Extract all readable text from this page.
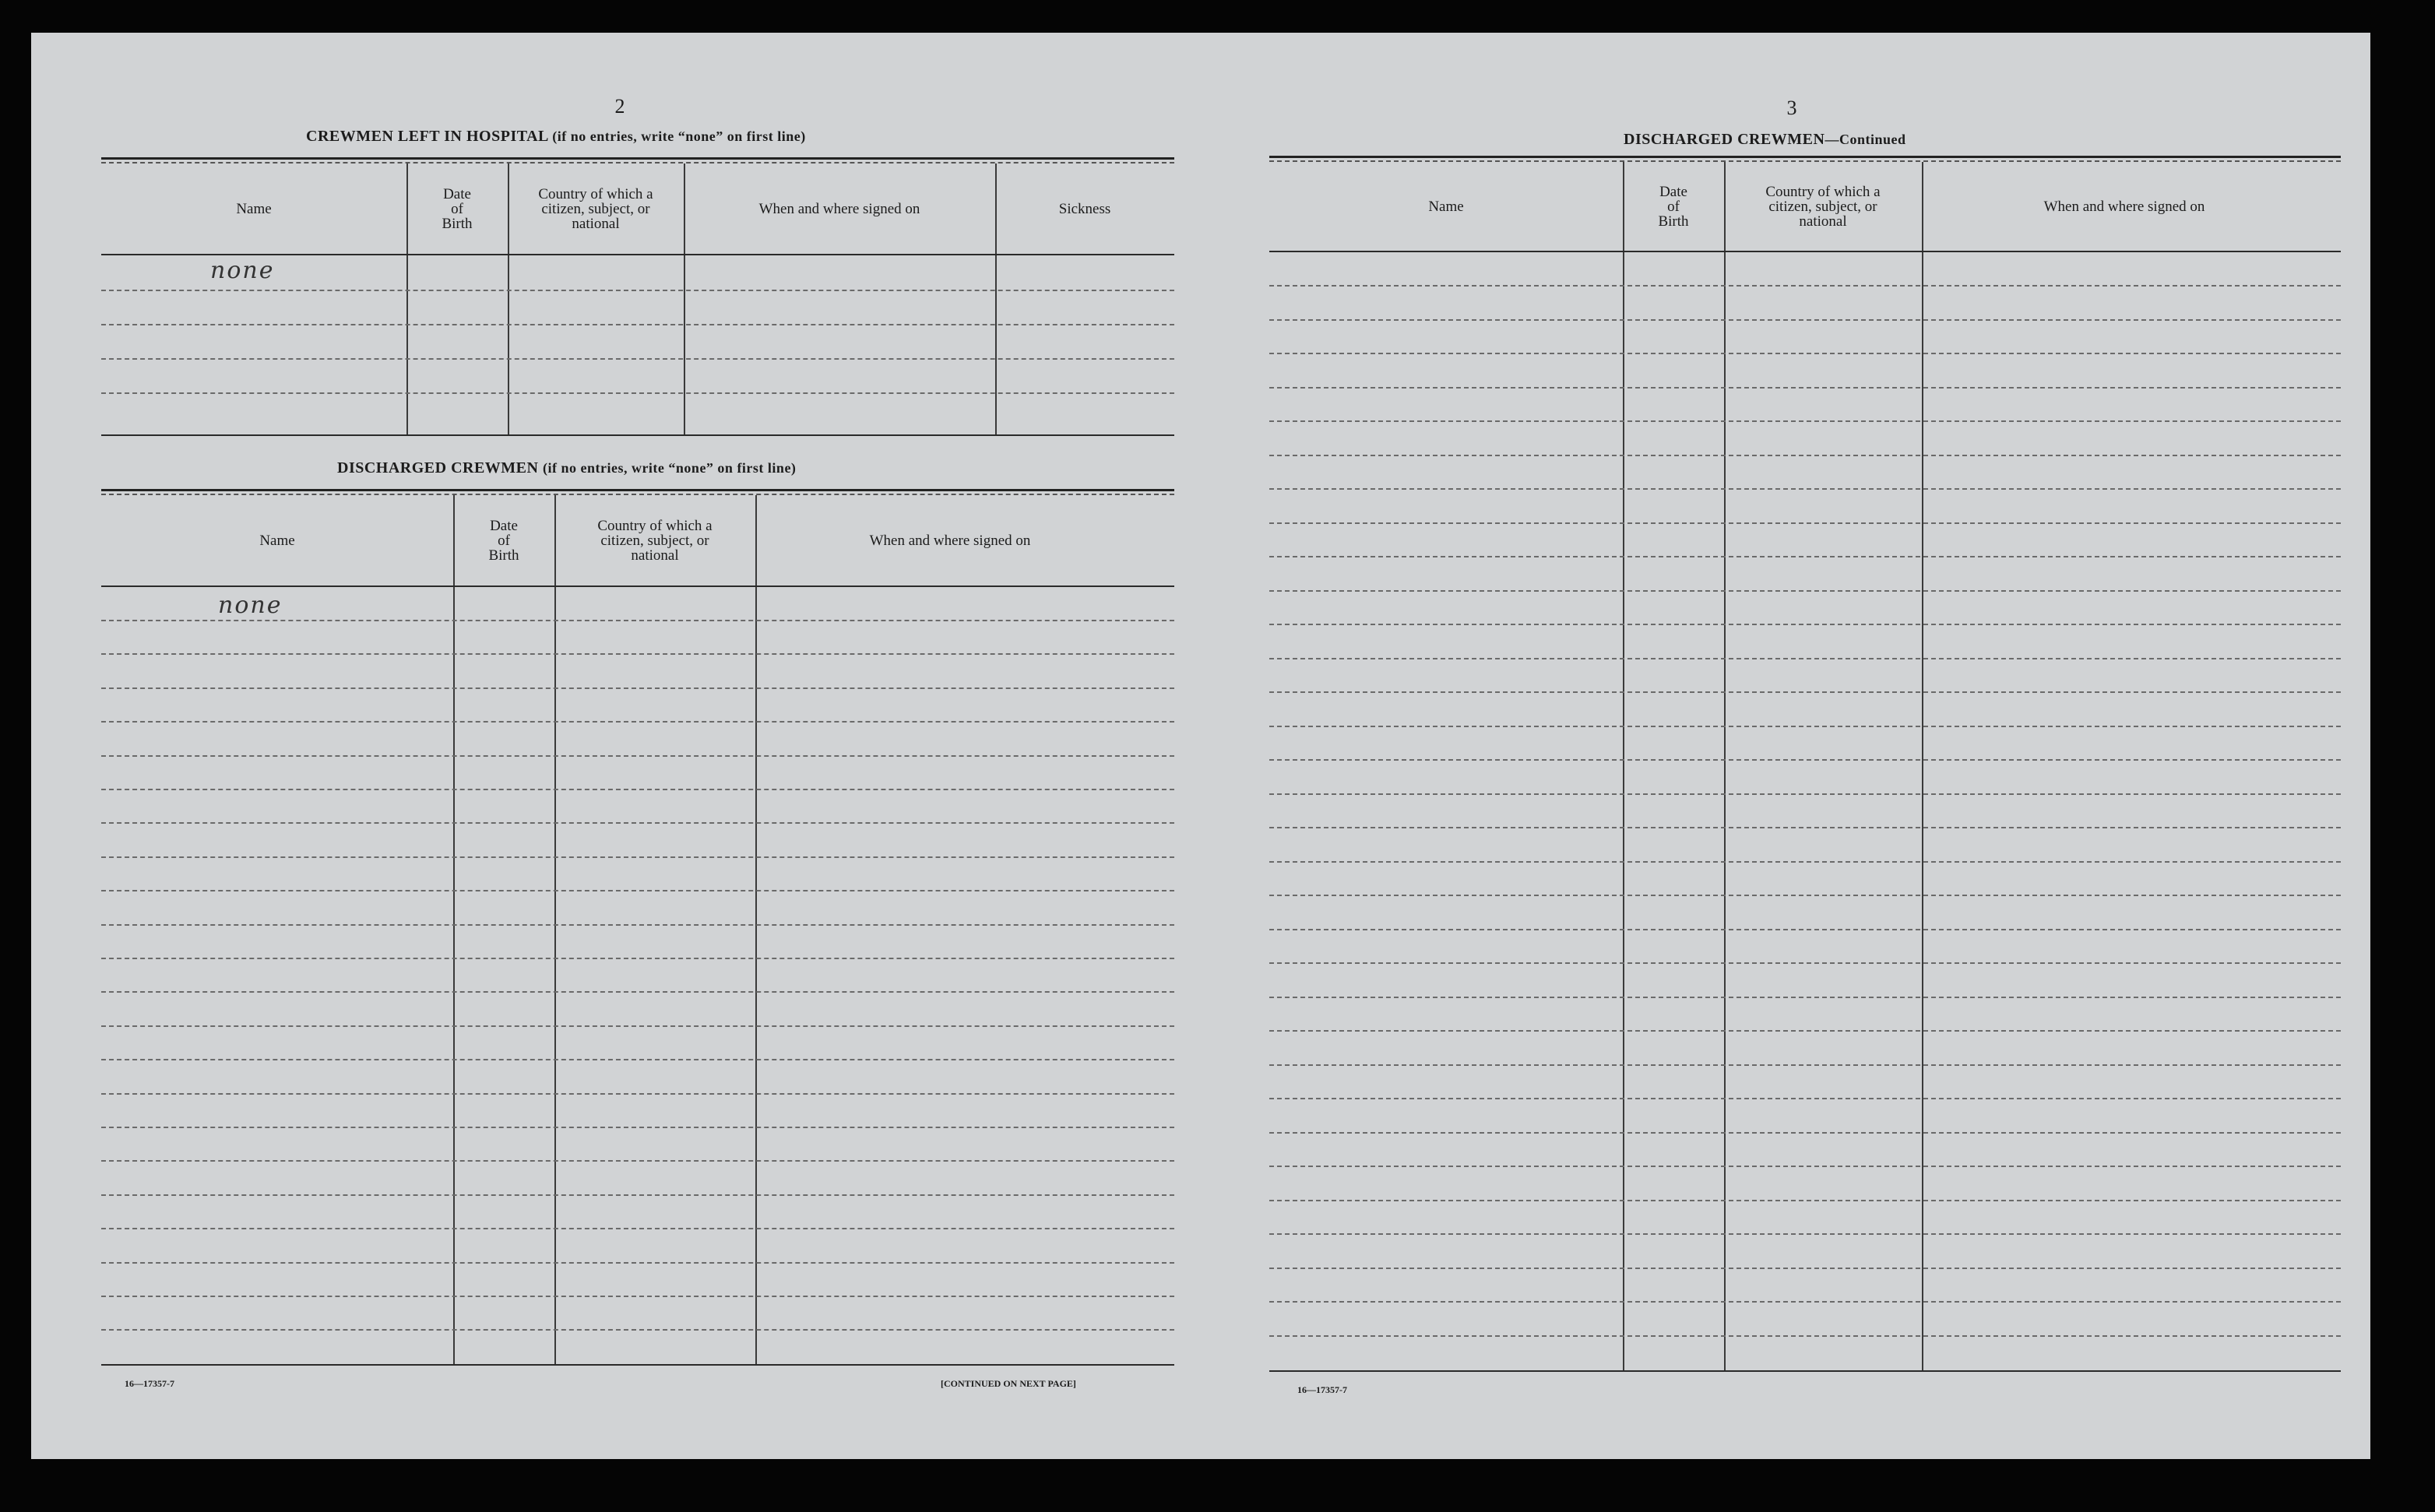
2
CREWMEN LEFT IN HOSPITAL (if no entries, write “none” on first line)
Name
Date
of
Birth
Country of which a
citizen, subject, or
national
When and where signed on	Sickness
none
DISCHARGED CREWMEN (if no entries, write “none” on first line)
Name
Date
of
Birth
Country of which a
citizen, subject, or
national
When and where signed on
none
16—17357-7	[CONTINUED ON NEXT PAGE]
3
DISCHARGED CREWMEN—Continued
Name
Date
of
Birth
Country of which a
citizen, subject, or
national
When and where signed on
16—17357-7
